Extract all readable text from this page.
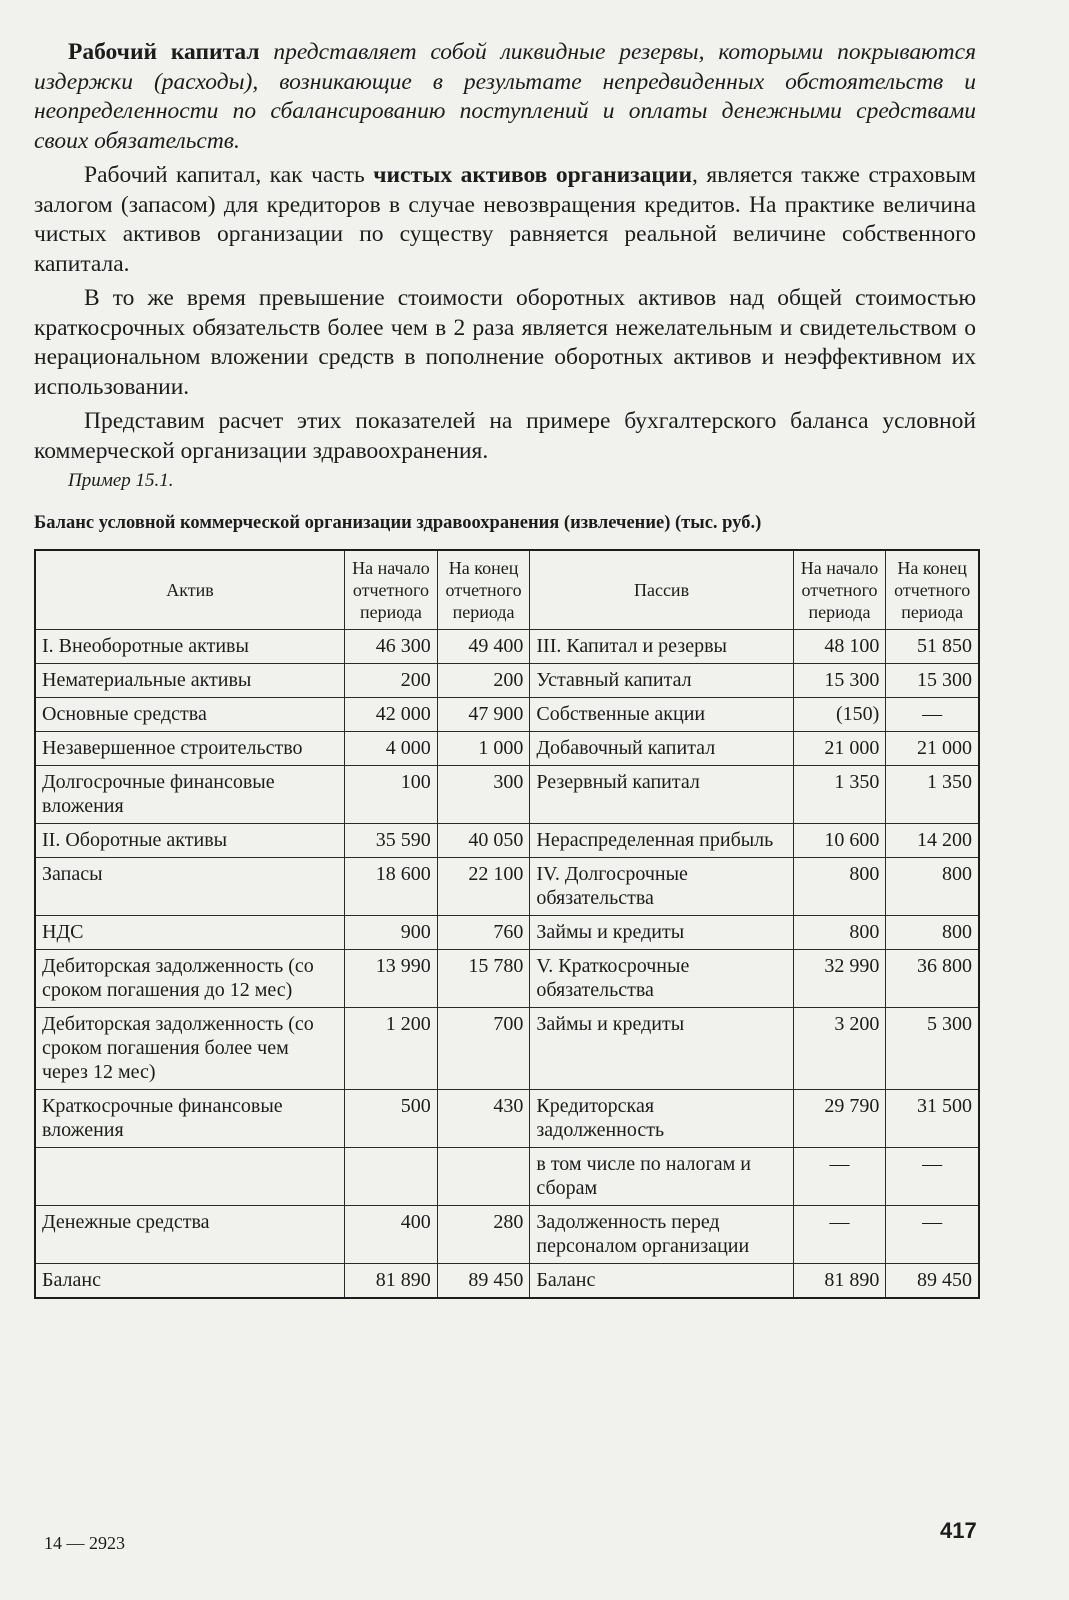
Рабочий капитал представляет собой ликвидные резервы, которыми покрываются издержки (расходы), возникающие в результате непредвиденных обстоятельств и неопределенности по сбалансированию поступлений и оплаты денежными средствами своих обязательств.

Рабочий капитал, как часть чистых активов организации, является также страховым залогом (запасом) для кредиторов в случае невозвращения кредитов. На практике величина чистых активов организации по существу равняется реальной величине собственного капитала.

В то же время превышение стоимости оборотных активов над общей стоимостью краткосрочных обязательств более чем в 2 раза является нежелательным и свидетельством о нерациональном вложении средств в пополнение оборотных активов и неэффективном их использовании.

Представим расчет этих показателей на примере бухгалтерского баланса условной коммерческой организации здравоохранения.

Пример 15.1.
Баланс условной коммерческой организации здравоохранения (извлечение) (тыс. руб.)
Актив	На начало отчетного периода	На конец отчетного периода	Пассив	На начало отчетного периода	На конец отчетного периода
I. Внеоборотные активы	46 300	49 400	III. Капитал и резервы	48 100	51 850
Нематериальные активы	200	200	Уставный капитал	15 300	15 300
Основные средства	42 000	47 900	Собственные акции	(150)	—
Незавершенное строительство	4 000	1 000	Добавочный капитал	21 000	21 000
Долгосрочные финансовые вложения	100	300	Резервный капитал	1 350	1 350
II. Оборотные активы	35 590	40 050	Нераспределенная прибыль	10 600	14 200
Запасы	18 600	22 100	IV. Долгосрочные обязательства	800	800
НДС	900	760	Займы и кредиты	800	800
Дебиторская задолженность (со сроком погашения до 12 мес)	13 990	15 780	V. Краткосрочные обязательства	32 990	36 800
Дебиторская задолженность (со сроком погашения более чем через 12 мес)	1 200	700	Займы и кредиты	3 200	5 300
Краткосрочные финансовые вложения	500	430	Кредиторская задолженность	29 790	31 500
			в том числе по налогам и сборам	—	—
Денежные средства	400	280	Задолженность перед персоналом организации	—	—
Баланс	81 890	89 450	Баланс	81 890	89 450
14 — 2923	417
